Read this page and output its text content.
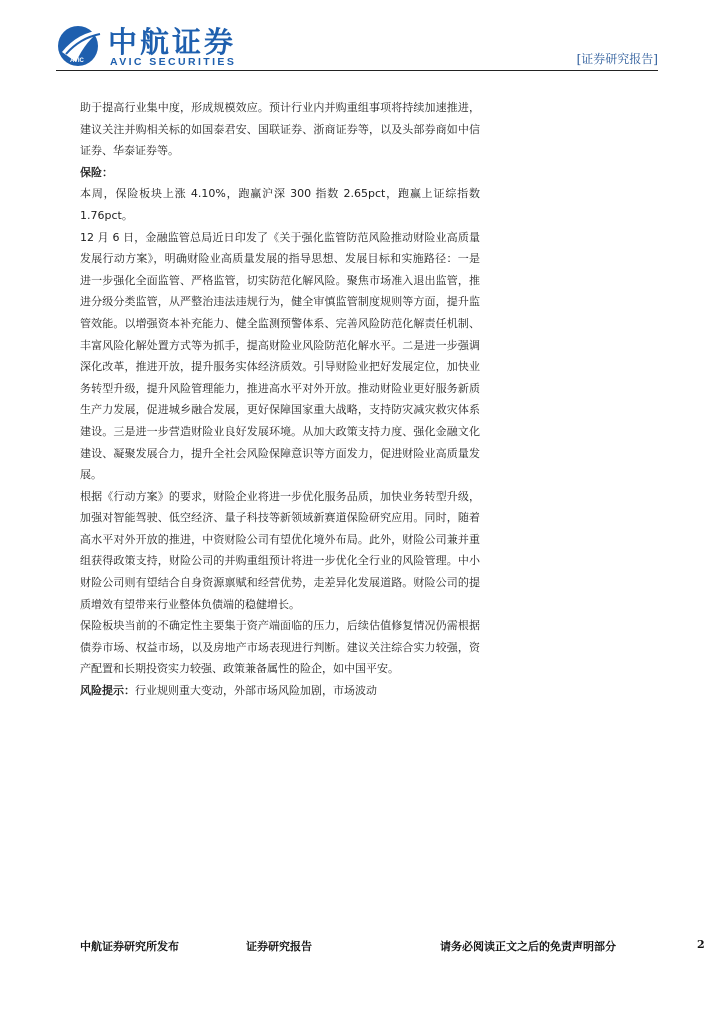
AVIC
中航证券
AVIC SECURITIES	[证券研究报告]

助于提高行业集中度，形成规模效应。预计行业内并购重组事项将持续加速推进，建议关注并购相关标的如国泰君安、国联证券、浙商证券等，以及头部券商如中信证券、华泰证券等。

保险：

本周，保险板块上涨 4.10%，跑赢沪深 300 指数 2.65pct，跑赢上证综指数 1.76pct。

12 月 6 日，金融监管总局近日印发了《关于强化监管防范风险推动财险业高质量发展行动方案》，明确财险业高质量发展的指导思想、发展目标和实施路径：一是进一步强化全面监管、严格监管，切实防范化解风险。聚焦市场准入退出监管，推进分级分类监管，从严整治违法违规行为，健全审慎监管制度规则等方面，提升监管效能。以增强资本补充能力、健全监测预警体系、完善风险防范化解责任机制、丰富风险化解处置方式等为抓手，提高财险业风险防范化解水平。二是进一步强调深化改革，推进开放，提升服务实体经济质效。引导财险业把好发展定位，加快业务转型升级，提升风险管理能力，推进高水平对外开放。推动财险业更好服务新质生产力发展，促进城乡融合发展，更好保障国家重大战略，支持防灾减灾救灾体系建设。三是进一步营造财险业良好发展环境。从加大政策支持力度、强化金融文化建设、凝聚发展合力，提升全社会风险保障意识等方面发力，促进财险业高质量发展。

根据《行动方案》的要求，财险企业将进一步优化服务品质，加快业务转型升级，加强对智能驾驶、低空经济、量子科技等新领域新赛道保险研究应用。同时，随着高水平对外开放的推进，中资财险公司有望优化境外布局。此外，财险公司兼并重组获得政策支持，财险公司的并购重组预计将进一步优化全行业的风险管理。中小财险公司则有望结合自身资源禀赋和经营优势，走差异化发展道路。财险公司的提质增效有望带来行业整体负债端的稳健增长。

保险板块当前的不确定性主要集于资产端面临的压力，后续估值修复情况仍需根据债券市场、权益市场，以及房地产市场表现进行判断。建议关注综合实力较强，资产配置和长期投资实力较强、政策兼备属性的险企，如中国平安。

风险提示：行业规则重大变动，外部市场风险加剧，市场波动

中航证券研究所发布	证券研究报告	请务必阅读正文之后的免责声明部分	2
